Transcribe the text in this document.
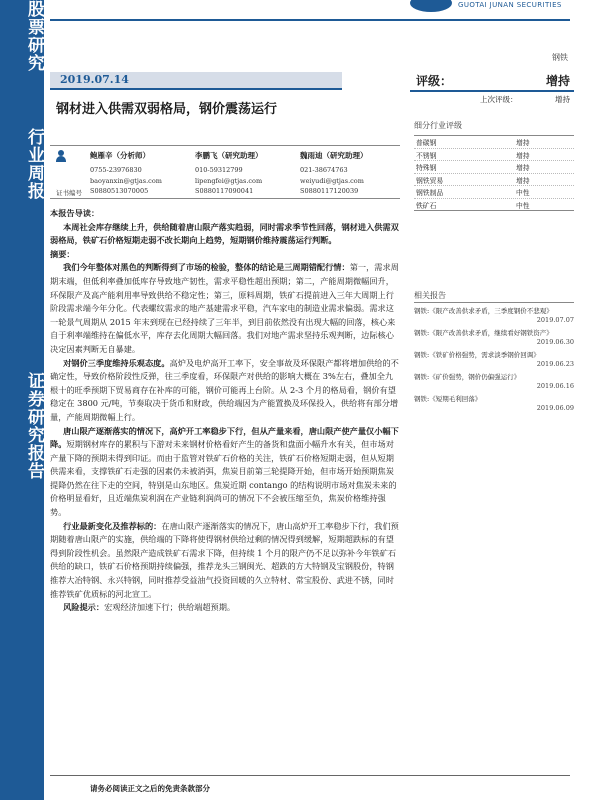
股票研究
行业周报
证券研究报告
GUOTAI JUNAN SECURITIES
钢铁
2019.07.14
钢材进入供需双弱格局，钢价震荡运行
评级：	增持
上次评级：	增持
细分行业评级
普碳钢	增持
不锈钢	增持
特殊钢	增持
钢铁贸易	增持
钢铁制品	中性
铁矿石	中性
相关报告
钢铁:《限产改善供求矛盾，三季度钢价不悲观》
2019.07.07
钢铁:《限产改善供求矛盾，继续看好钢铁资产》
2019.06.30
钢铁:《铁矿价格强势，需求淡季钢价回调》
2019.06.23
钢铁:《矿价强势，钢价仍偏强运行》
2019.06.16
钢铁:《短期毛利回落》
2019.06.09
鲍雁辛（分析师）
0755-23976830
baoyanxin@gtjas.com
S0880513070005
李鹏飞（研究助理）
010-59312799
lipengfei@gtjas.com
S0880117090041
魏雨迪（研究助理）
021-38674763
weiyudi@gtjas.com
S0880117120039
证书编号

本报告导读：

本周社会库存继续上升，供给随着唐山限产落实趋弱，同时需求季节性回落，钢材进入供需双弱格局，铁矿石价格短期走弱不改长期向上趋势，短期钢价维持震荡运行判断。

摘要：

我们今年整体对黑色的判断得到了市场的检验，整体的结论是三周期错配行情：第一，需求周期末端，但低利率叠加低库存导致地产韧性，需求平稳性超出预期；第二，产能周期微幅回升，环保限产及高产能利用率导致供给不稳定性；第三，原料周期，铁矿石提前进入三年大周期上行阶段需求端今年分化。代表螺纹需求的地产基建需求平稳，汽车家电的制造业需求偏弱。需求这一轮景气周期从 2015 年末到现在已经持续了三年半，到目前依然没有出现大幅的回落，核心来自于利率端维持在偏低水平，库存去化周期大幅回落。我们对地产需求坚持乐观判断，边际核心决定因素判断无自暴建。

对钢价三季度维持乐观态度。高炉及电炉高开工率下，安全事故及环保限产都将增加供给的不确定性，导致价格阶段性反弹，往三季度看，环保限产对供给的影响大概在 3%左右，叠加全九根十的旺季预期下贸易商存在补库的可能，钢价可能再上台阶。从 2-3 个月的格局看，钢价有望稳定在 3800 元/吨，节奏取决于货币和财政，供给端因为产能置换及环保投入，供给将有部分增量，产能周期微幅上行。

唐山限产逐渐落实的情况下，高炉开工率稳步下行，但从产量来看，唐山限产使产量仅小幅下降。短期钢材库存的累积与下游对未来钢材价格看好产生的备货和盘面小幅升水有关，但市场对产量下降的预期未得到印证。而由于监管对铁矿石价格的关注，铁矿石价格短期走弱，但从短期供需来看，支撑铁矿石走强的因素仍未被消弭，焦炭目前第三轮提降开始，但市场开始预期焦炭提降仍然在往下走的空间，特别是山东地区。焦炭近期 contango 的结构说明市场对焦炭未来的价格明显看好，且近端焦炭利润在产业链利润尚可的情况下不会被压缩至负，焦炭价格维持强势。

行业最新变化及推荐标的：在唐山限产逐渐落实的情况下，唐山高炉开工率稳步下行，我们预期随着唐山限产的实施，供给端的下降将使得钢材供给过剩的情况得到缓解，短期超跌标的有望得到阶段性机会。虽然限产造成铁矿石需求下降，但持续 1 个月的限产仍不足以弥补今年铁矿石供给的缺口，铁矿石价格预期持续偏强，推荐龙头三钢闽光、超跌的方大特钢及宝钢股份，特钢推荐大冶特钢、永兴特钢，同时推荐受益油气投资回暖的久立特材、常宝股份、武进不锈，同时推荐铁矿优质标的河北宣工。

风险提示：宏观经济加速下行；供给端超预期。

请务必阅读正文之后的免责条款部分
